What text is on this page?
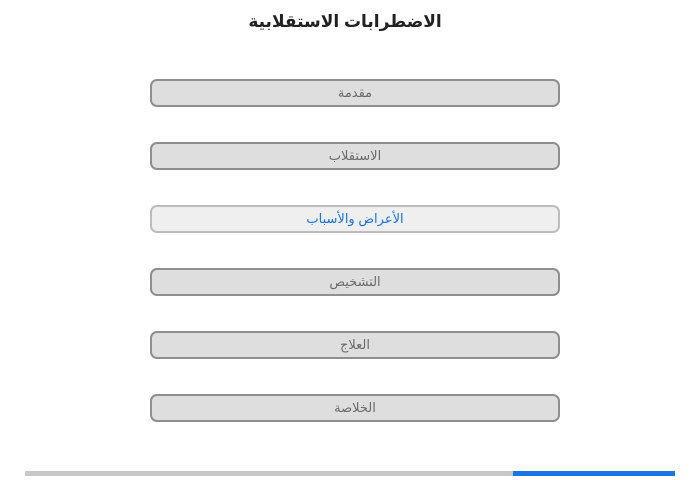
الاضطرابات الاستقلابية
مقدمة
الاستقلاب
الأعراض والأسباب
التشخيص
العلاج
الخلاصة
